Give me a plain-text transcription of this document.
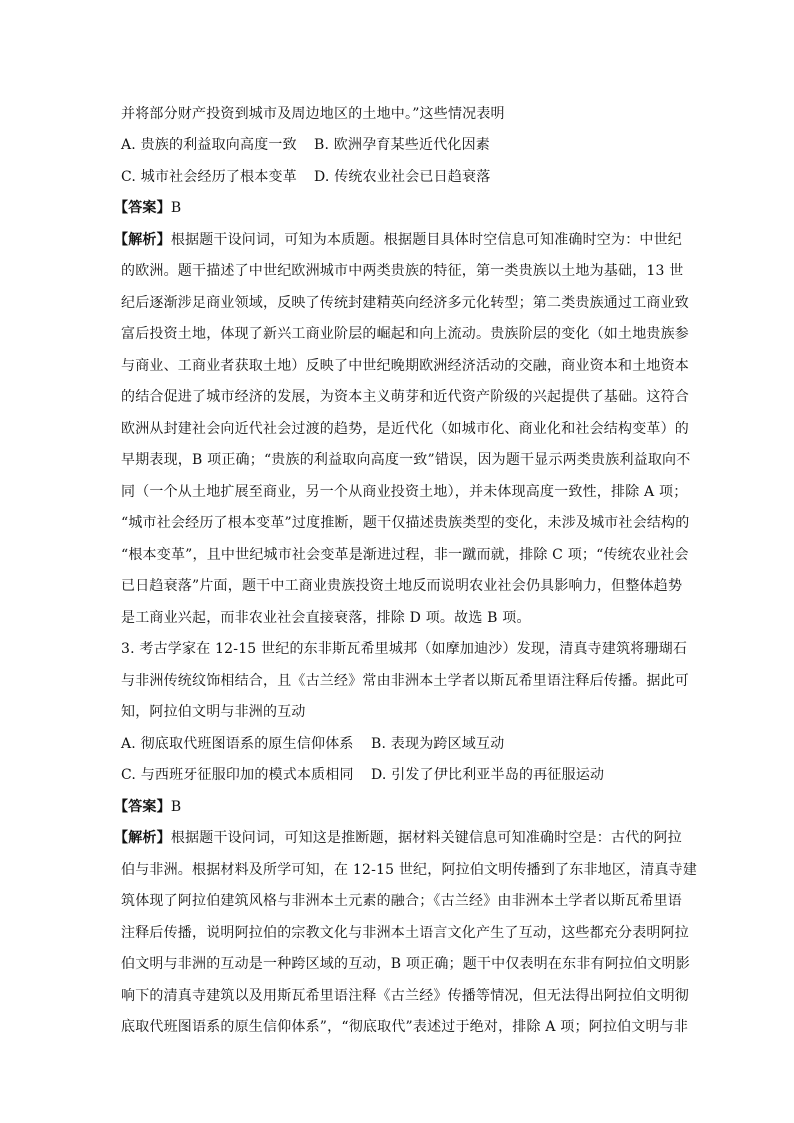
并将部分财产投资到城市及周边地区的土地中。”这些情况表明
A. 贵族的利益取向高度一致 B. 欧洲孕育某些近代化因素
C. 城市社会经历了根本变革 D. 传统农业社会已日趋衰落
【答案】B
【解析】根据题干设问词，可知为本质题。根据题目具体时空信息可知准确时空为：中世纪
的欧洲。题干描述了中世纪欧洲城市中两类贵族的特征，第一类贵族以土地为基础，13 世
纪后逐渐涉足商业领域，反映了传统封建精英向经济多元化转型；第二类贵族通过工商业致
富后投资土地，体现了新兴工商业阶层的崛起和向上流动。贵族阶层的变化（如土地贵族参
与商业、工商业者获取土地）反映了中世纪晚期欧洲经济活动的交融，商业资本和土地资本
的结合促进了城市经济的发展，为资本主义萌芽和近代资产阶级的兴起提供了基础。这符合
欧洲从封建社会向近代社会过渡的趋势，是近代化（如城市化、商业化和社会结构变革）的
早期表现，B 项正确；“贵族的利益取向高度一致”错误，因为题干显示两类贵族利益取向不
同（一个从土地扩展至商业，另一个从商业投资土地），并未体现高度一致性，排除 A 项；
“城市社会经历了根本变革”过度推断，题干仅描述贵族类型的变化，未涉及城市社会结构的
“根本变革”，且中世纪城市社会变革是渐进过程，非一蹴而就，排除 C 项；“传统农业社会
已日趋衰落”片面，题干中工商业贵族投资土地反而说明农业社会仍具影响力，但整体趋势
是工商业兴起，而非农业社会直接衰落，排除 D 项。故选 B 项。
3. 考古学家在 12-15 世纪的东非斯瓦希里城邦（如摩加迪沙）发现，清真寺建筑将珊瑚石
与非洲传统纹饰相结合，且《古兰经》常由非洲本土学者以斯瓦希里语注释后传播。据此可
知，阿拉伯文明与非洲的互动
A. 彻底取代班图语系的原生信仰体系 B. 表现为跨区域互动
C. 与西班牙征服印加的模式本质相同 D. 引发了伊比利亚半岛的再征服运动
【答案】B
【解析】根据题干设问词，可知这是推断题，据材料关键信息可知准确时空是：古代的阿拉
伯与非洲。根据材料及所学可知，在 12-15 世纪，阿拉伯文明传播到了东非地区，清真寺建
筑体现了阿拉伯建筑风格与非洲本土元素的融合；《古兰经》由非洲本土学者以斯瓦希里语
注释后传播，说明阿拉伯的宗教文化与非洲本土语言文化产生了互动，这些都充分表明阿拉
伯文明与非洲的互动是一种跨区域的互动，B 项正确；题干中仅表明在东非有阿拉伯文明影
响下的清真寺建筑以及用斯瓦希里语注释《古兰经》传播等情况，但无法得出阿拉伯文明彻
底取代班图语系的原生信仰体系”，“彻底取代”表述过于绝对，排除 A 项；阿拉伯文明与非
